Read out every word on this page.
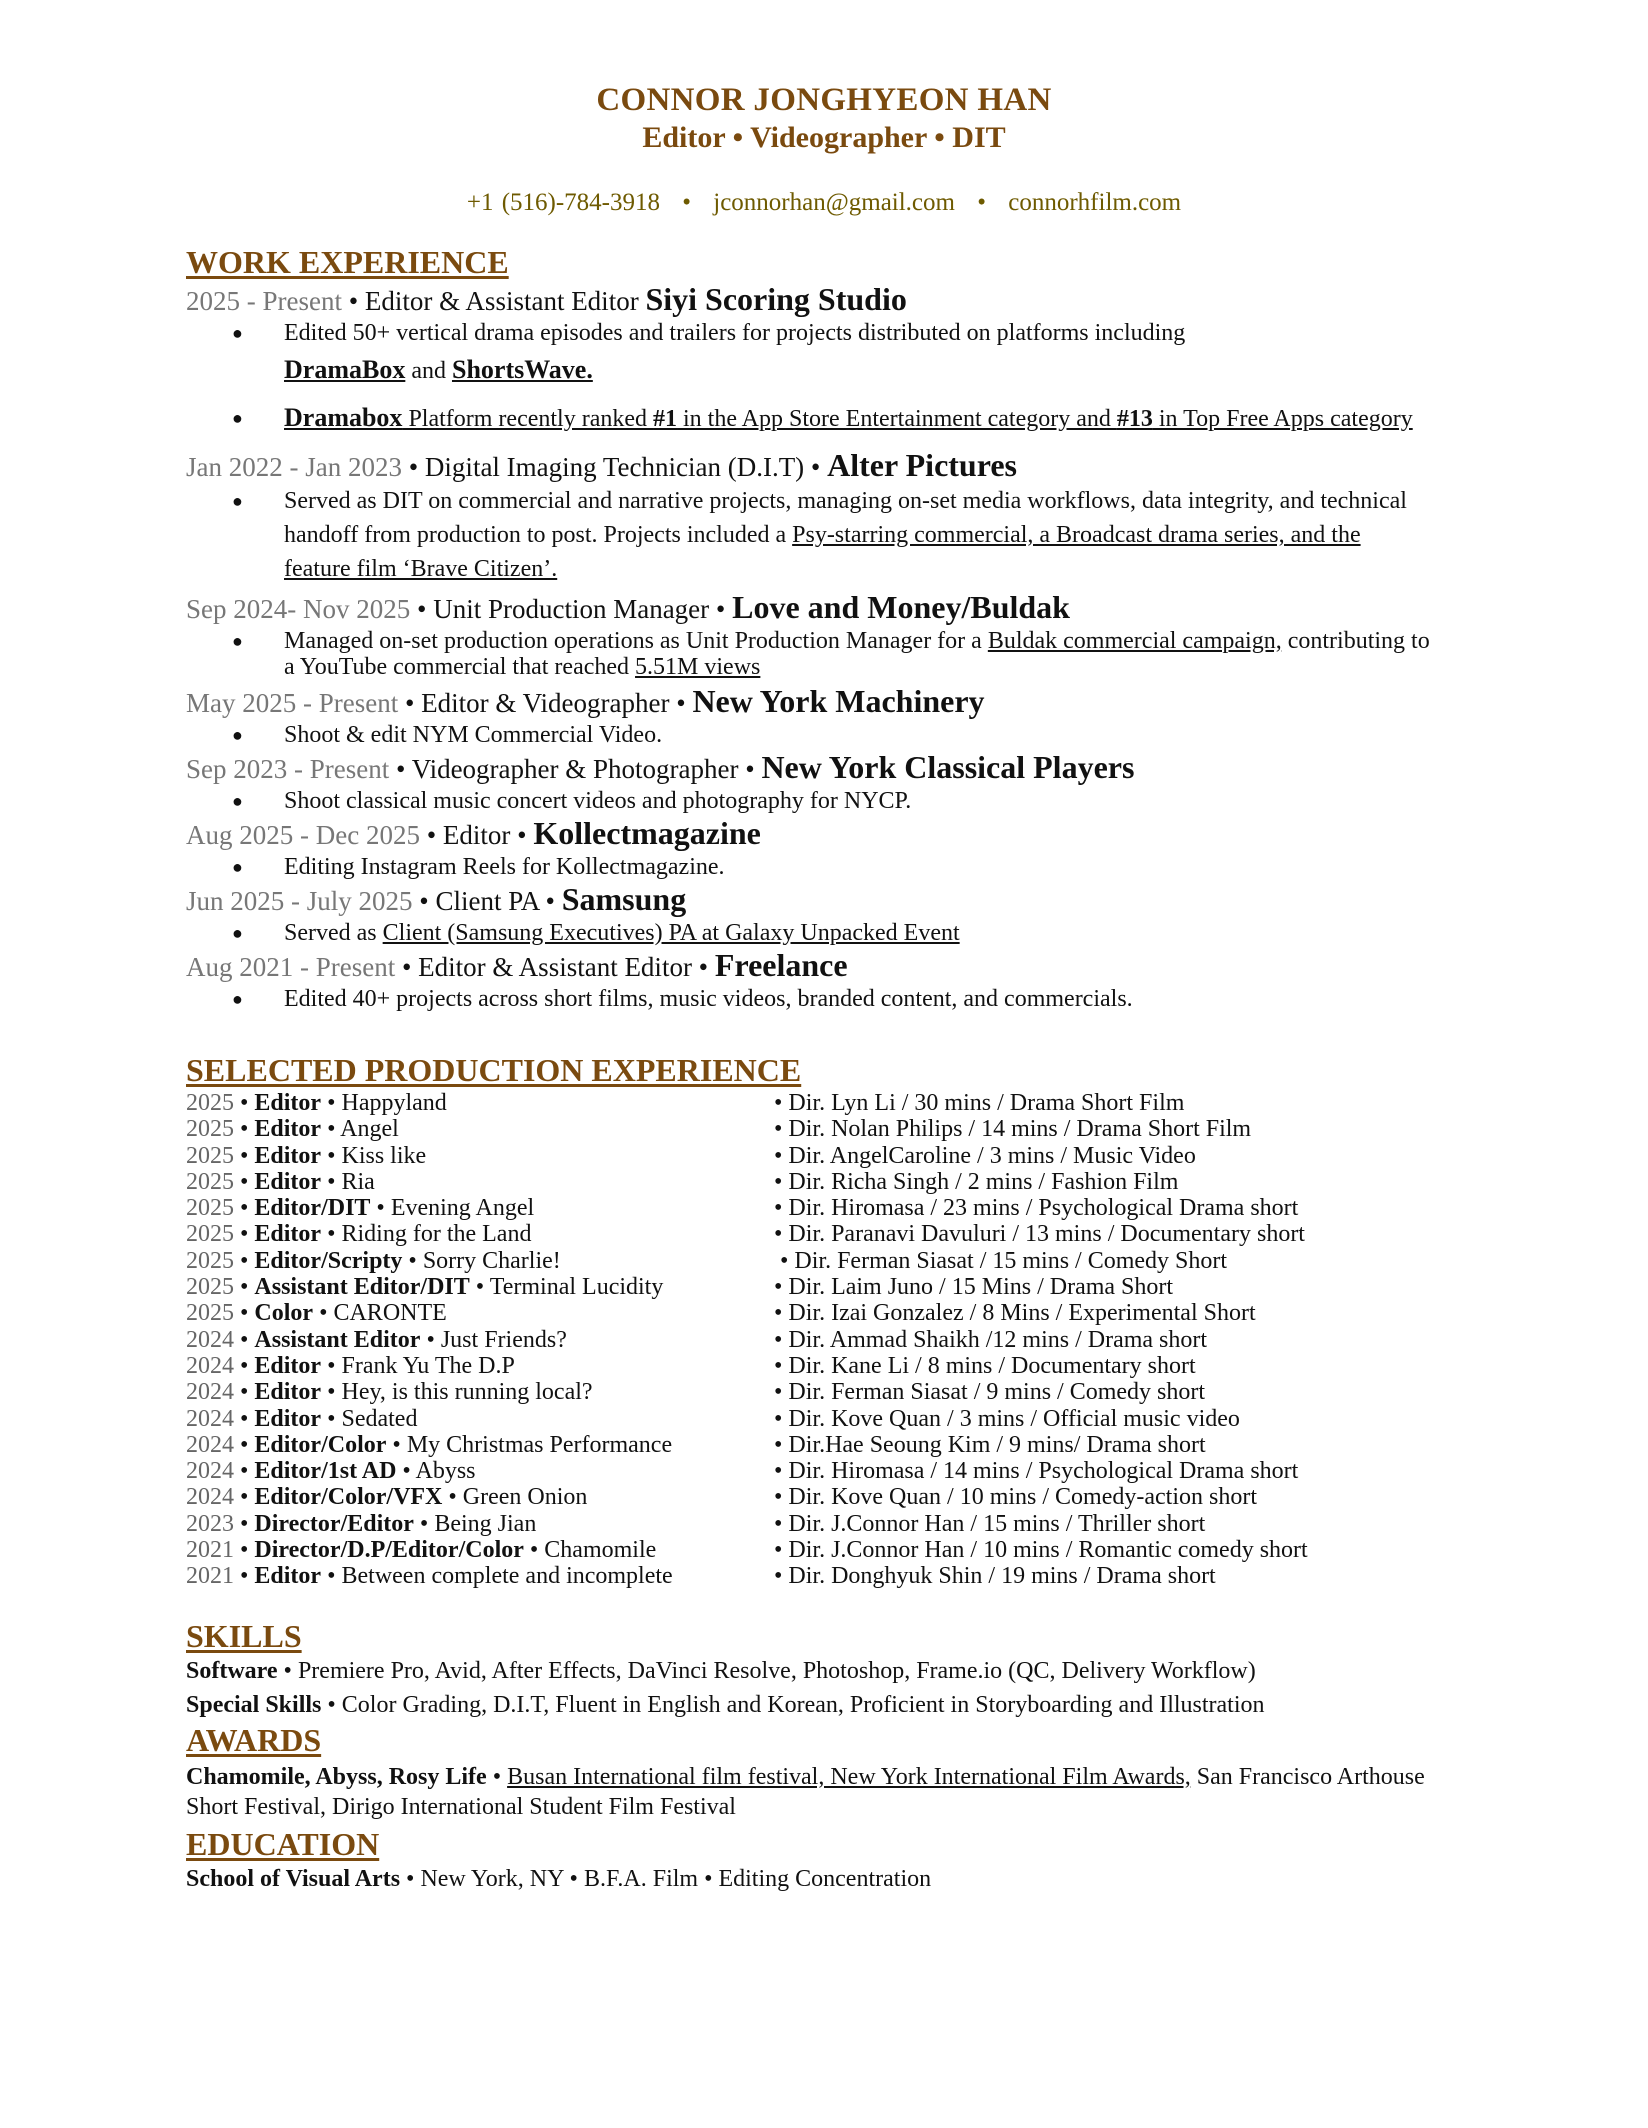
CONNOR JONGHYEON HAN
Editor • Videographer • DIT
+1 (516)-784-3918 • jconnorhan@gmail.com • connorhfilm.com
WORK EXPERIENCE
2025 - Present • Editor & Assistant Editor Siyi Scoring Studio
● Edited 50+ vertical drama episodes and trailers for projects distributed on platforms including
DramaBox and ShortsWave.
● Dramabox Platform recently ranked #1 in the App Store Entertainment category and #13 in Top Free Apps category
Jan 2022 - Jan 2023 • Digital Imaging Technician (D.I.T) • Alter Pictures
● Served as DIT on commercial and narrative projects, managing on-set media workflows, data integrity, and technical handoff from production to post. Projects included a Psy-starring commercial, a Broadcast drama series, and the feature film ‘Brave Citizen’.
Sep 2024- Nov 2025 • Unit Production Manager • Love and Money/Buldak
● Managed on-set production operations as Unit Production Manager for a Buldak commercial campaign, contributing to a YouTube commercial that reached 5.51M views
May 2025 - Present • Editor & Videographer • New York Machinery
● Shoot & edit NYM Commercial Video.
Sep 2023 - Present • Videographer & Photographer • New York Classical Players
● Shoot classical music concert videos and photography for NYCP.
Aug 2025 - Dec 2025 • Editor • Kollectmagazine
● Editing Instagram Reels for Kollectmagazine.
Jun 2025 - July 2025 • Client PA • Samsung
● Served as Client (Samsung Executives) PA at Galaxy Unpacked Event
Aug 2021 - Present • Editor & Assistant Editor • Freelance
● Edited 40+ projects across short films, music videos, branded content, and commercials.
SELECTED PRODUCTION EXPERIENCE
2025 • Editor • Happyland
2025 • Editor • Angel
2025 • Editor • Kiss like
2025 • Editor • Ria
2025 • Editor/DIT • Evening Angel
2025 • Editor • Riding for the Land
2025 • Editor/Scripty • Sorry Charlie!
2025 • Assistant Editor/DIT • Terminal Lucidity
2025 • Color • CARONTE
2024 • Assistant Editor • Just Friends?
2024 • Editor • Frank Yu The D.P
2024 • Editor • Hey, is this running local?
2024 • Editor • Sedated
2024 • Editor/Color • My Christmas Performance
2024 • Editor/1st AD • Abyss
2024 • Editor/Color/VFX • Green Onion
2023 • Director/Editor • Being Jian
2021 • Director/D.P/Editor/Color • Chamomile
2021 • Editor • Between complete and incomplete
• Dir. Lyn Li / 30 mins / Drama Short Film
• Dir. Nolan Philips / 14 mins / Drama Short Film
• Dir. AngelCaroline / 3 mins / Music Video
• Dir. Richa Singh / 2 mins / Fashion Film
• Dir. Hiromasa / 23 mins / Psychological Drama short
• Dir. Paranavi Davuluri / 13 mins / Documentary short
• Dir. Ferman Siasat / 15 mins / Comedy Short
• Dir. Laim Juno / 15 Mins / Drama Short
• Dir. Izai Gonzalez / 8 Mins / Experimental Short
• Dir. Ammad Shaikh /12 mins / Drama short
• Dir. Kane Li / 8 mins / Documentary short
• Dir. Ferman Siasat / 9 mins / Comedy short
• Dir. Kove Quan / 3 mins / Official music video
• Dir.Hae Seoung Kim / 9 mins/ Drama short
• Dir. Hiromasa / 14 mins / Psychological Drama short
• Dir. Kove Quan / 10 mins / Comedy-action short
• Dir. J.Connor Han / 15 mins / Thriller short
• Dir. J.Connor Han / 10 mins / Romantic comedy short
• Dir. Donghyuk Shin / 19 mins / Drama short
SKILLS
Software • Premiere Pro, Avid, After Effects, DaVinci Resolve, Photoshop, Frame.io (QC, Delivery Workflow)
Special Skills • Color Grading, D.I.T, Fluent in English and Korean, Proficient in Storyboarding and Illustration
AWARDS
Chamomile, Abyss, Rosy Life • Busan International film festival, New York International Film Awards, San Francisco Arthouse Short Festival, Dirigo International Student Film Festival
EDUCATION
School of Visual Arts • New York, NY • B.F.A. Film • Editing Concentration
